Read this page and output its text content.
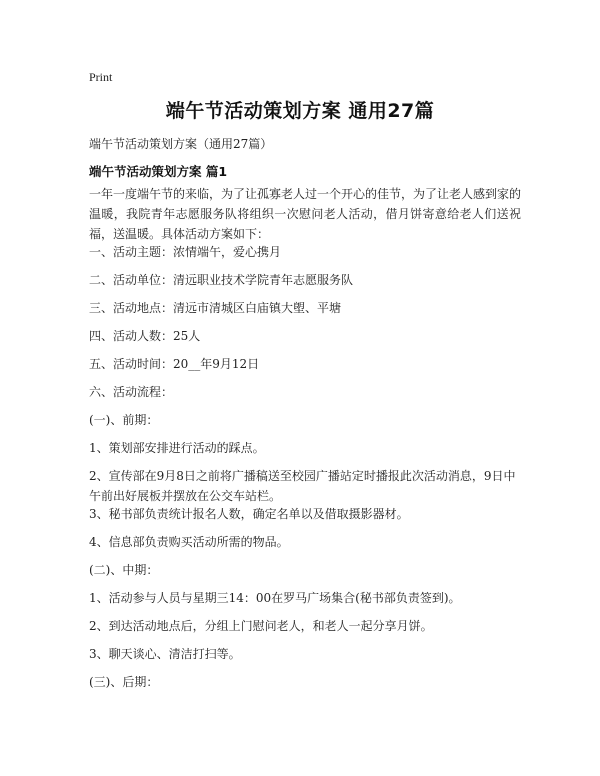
Print
端午节活动策划方案 通用27篇
端午节活动策划方案（通用27篇）
端午节活动策划方案 篇1
一年一度端午节的来临，为了让孤寡老人过一个开心的佳节，为了让老人感到家的温暖，我院青年志愿服务队将组织一次慰问老人活动，借月饼寄意给老人们送祝福，送温暖。具体活动方案如下：
一、活动主题：浓情端午，爱心携月
二、活动单位：清远职业技术学院青年志愿服务队
三、活动地点：清远市清城区白庙镇大塱、平塘
四、活动人数：25人
五、活动时间：20__年9月12日
六、活动流程：
(一)、前期：
1、策划部安排进行活动的踩点。
2、宣传部在9月8日之前将广播稿送至校园广播站定时播报此次活动消息，9日中午前出好展板并摆放在公交车站栏。
3、秘书部负责统计报名人数，确定名单以及借取摄影器材。
4、信息部负责购买活动所需的物品。
(二)、中期：
1、活动参与人员与星期三14：00在罗马广场集合(秘书部负责签到)。
2、到达活动地点后，分组上门慰问老人，和老人一起分享月饼。
3、聊天谈心、清洁打扫等。
(三)、后期：
